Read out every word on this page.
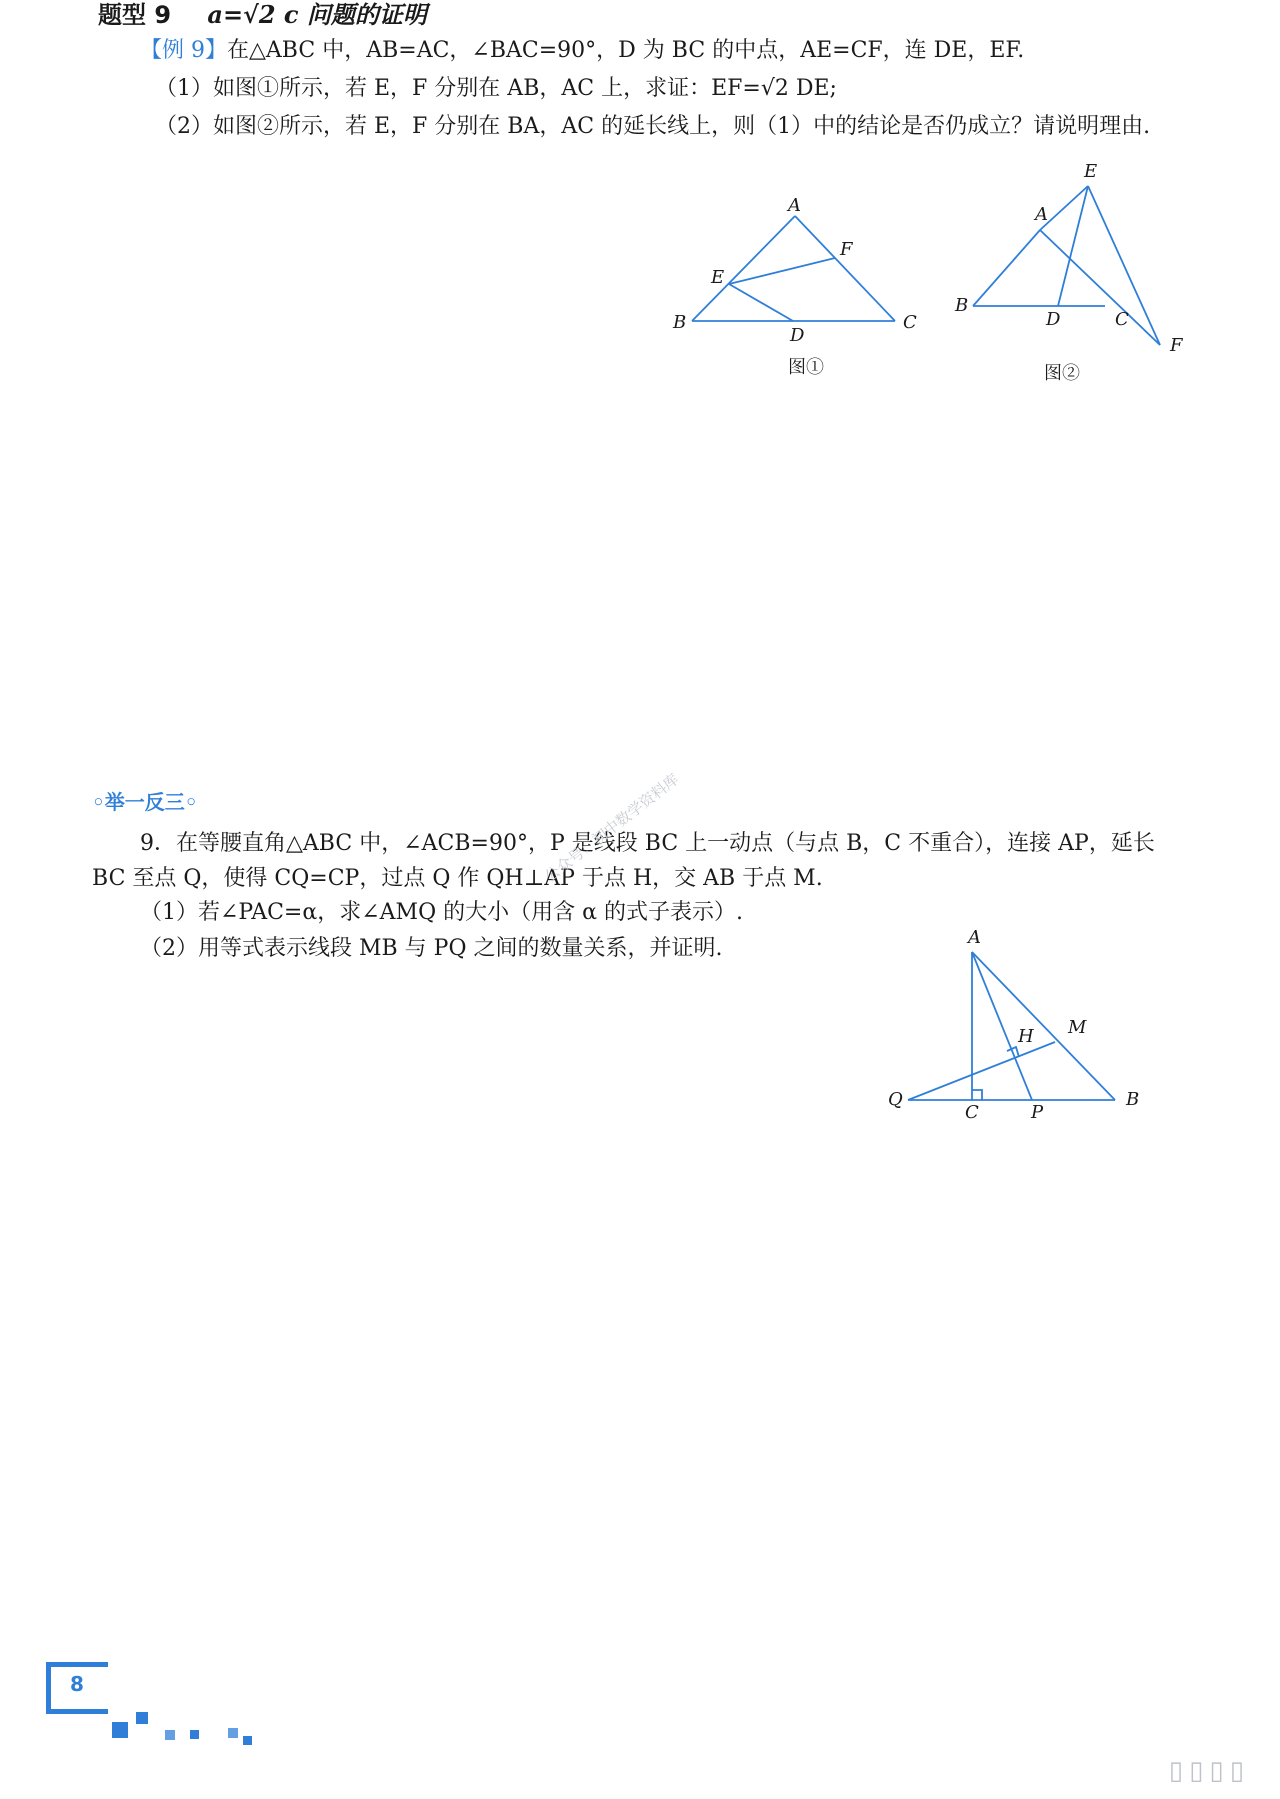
题型 9 a=√2 c 问题的证明
【例 9】在△ABC 中，AB=AC，∠BAC=90°，D 为 BC 的中点，AE=CF，连 DE，EF.
（1）如图①所示，若 E，F 分别在 AB，AC 上，求证：EF=√2 DE;
（2）如图②所示，若 E，F 分别在 BA，AC 的延长线上，则（1）中的结论是否仍成立？请说明理由.
A
F
E
B
D
C
图①
E
A
B
D	C
F
图②
◦举一反三◦
9．在等腰直角△ABC 中，∠ACB=90°，P 是线段 BC 上一动点（与点 B，C 不重合），连接 AP，延长
BC 至点 Q，使得 CQ=CP，过点 Q 作 QH⊥AP 于点 H，交 AB 于点 M.
（1）若∠PAC=α，求∠AMQ 的大小（用含 α 的式子表示）.
（2）用等式表示线段 MB 与 PQ 之间的数量关系，并证明.
公众号：初中数学资料库
A
M
H
Q
C	P
B
8
▯▯▯▯
